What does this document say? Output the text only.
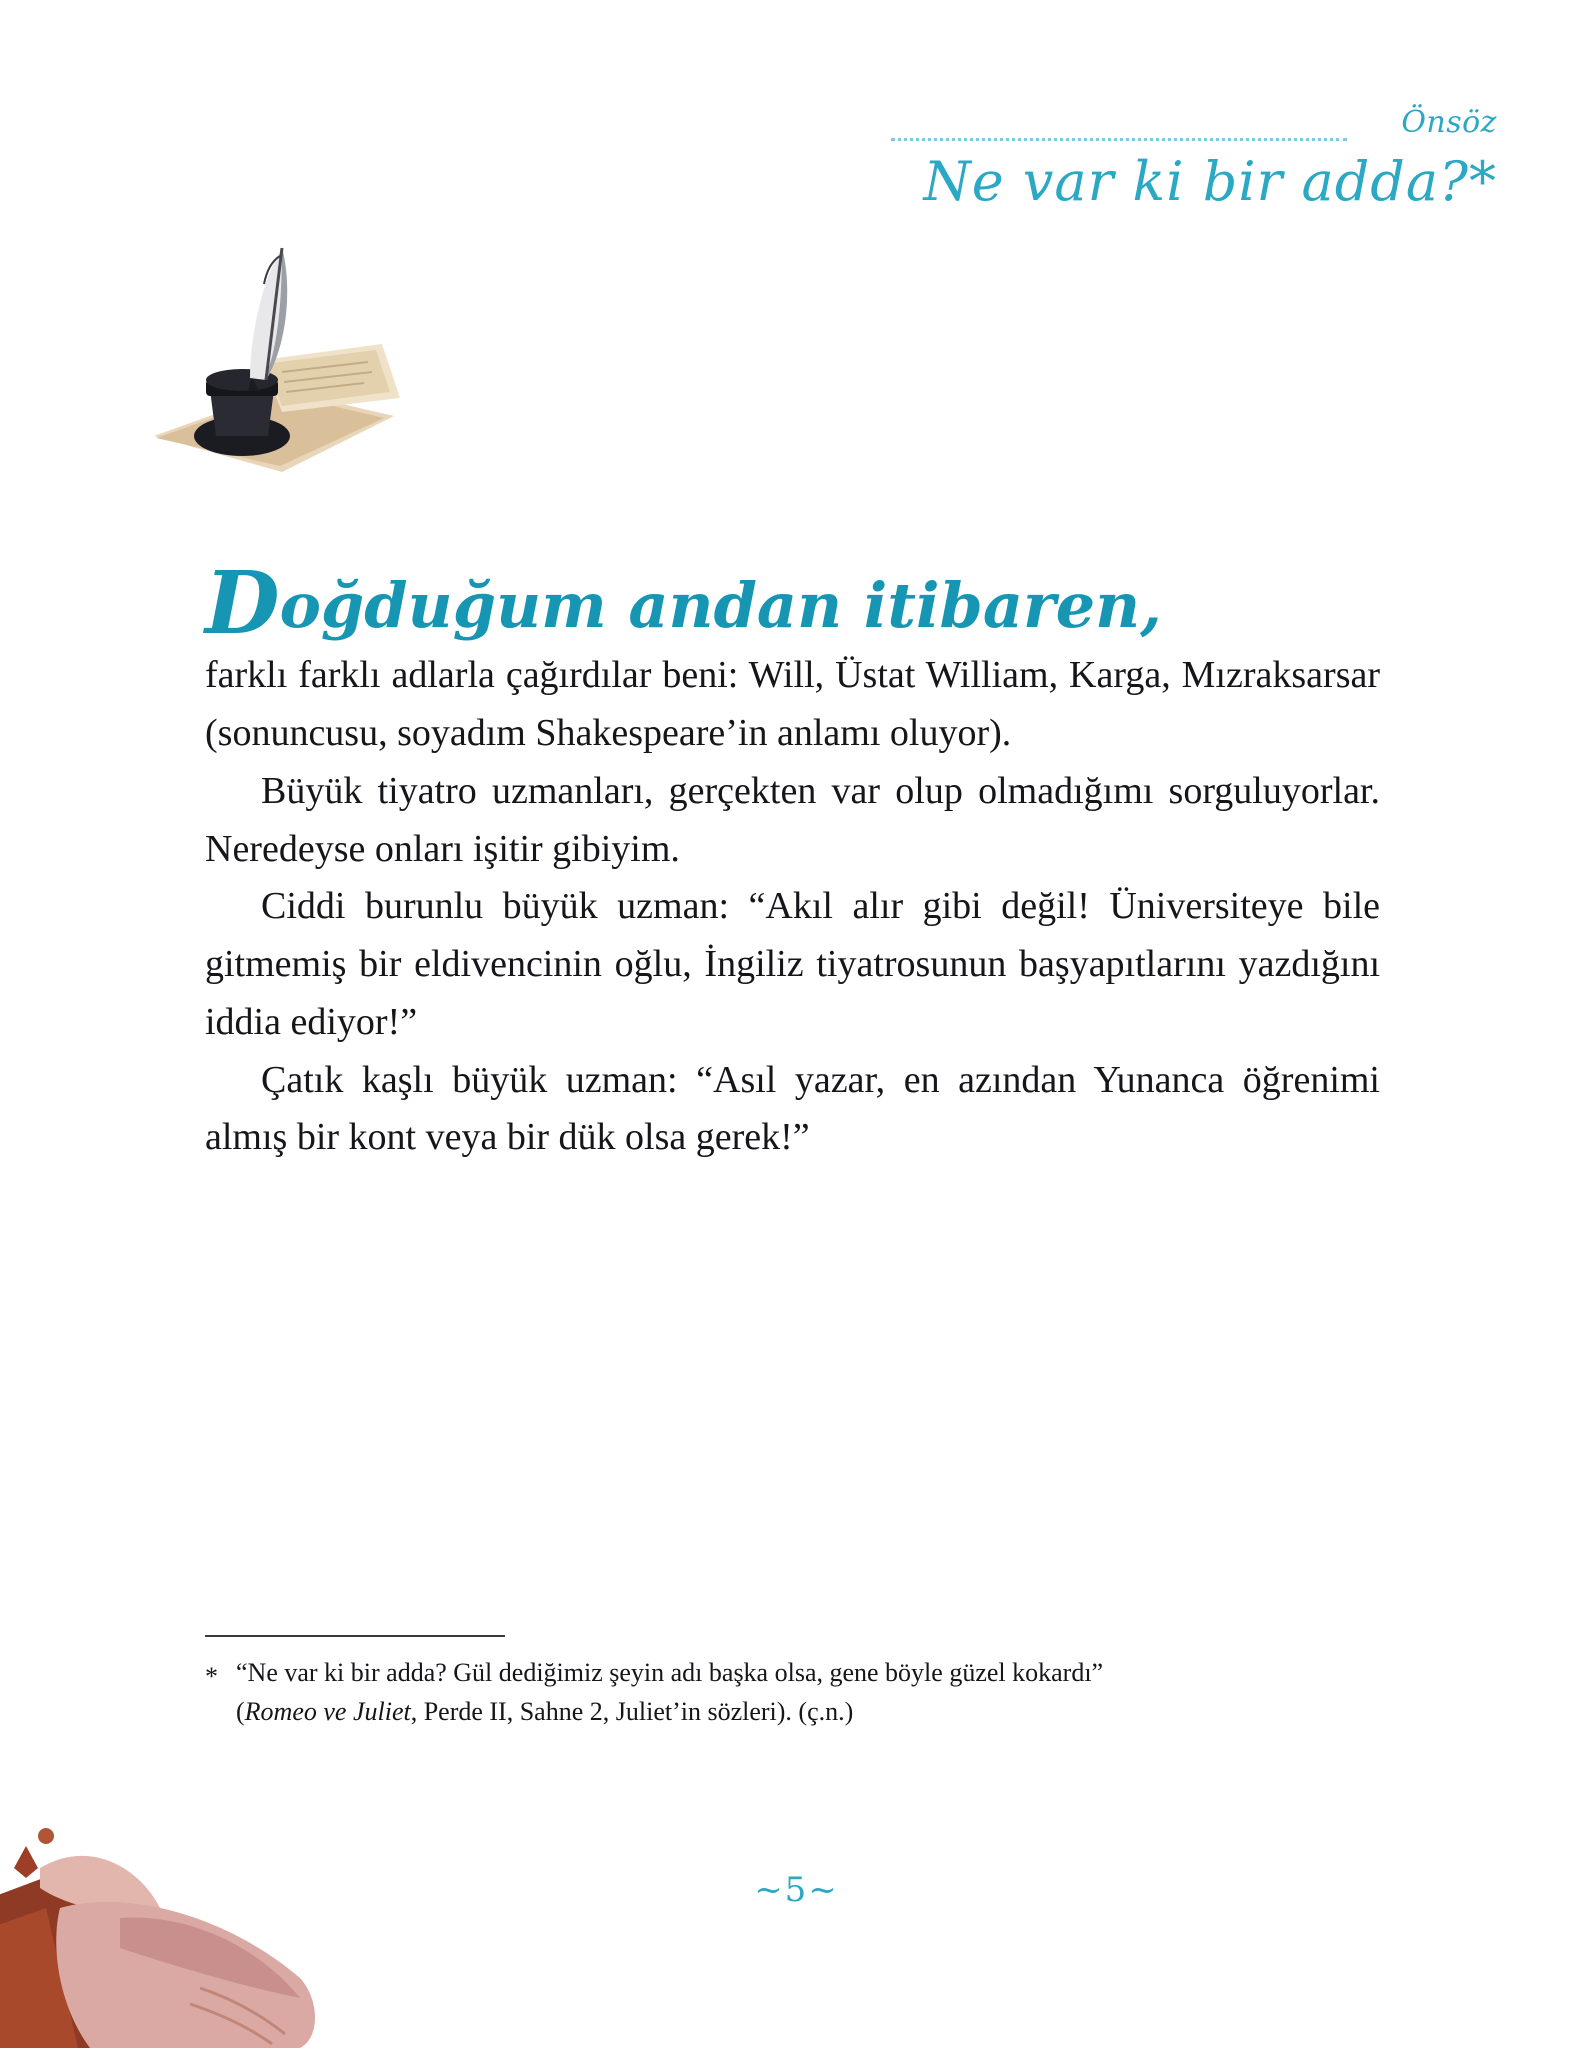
Önsöz
Ne var ki bir adda?*
Doğduğum andan itibaren,

farklı farklı adlarla çağırdılar beni: Will, Üstat William, Karga, Mızraksarsar (sonuncusu, soyadım Shakespeare’in anlamı oluyor).

Büyük tiyatro uzmanları, gerçekten var olup olmadığımı sorguluyorlar. Neredeyse onları işitir gibiyim.

Ciddi burunlu büyük uzman: “Akıl alır gibi değil! Üniversiteye bile gitmemiş bir eldivencinin oğlu, İngiliz tiyatrosunun başyapıtlarını yazdığını iddia ediyor!”

Çatık kaşlı büyük uzman: “Asıl yazar, en azından Yunanca öğrenimi almış bir kont veya bir dük olsa gerek!”

* “Ne var ki bir adda? Gül dediğimiz şeyin adı başka olsa, gene böyle güzel kokardı”
(Romeo ve Juliet, Perde II, Sahne 2, Juliet’in sözleri). (ç.n.)
~5~
